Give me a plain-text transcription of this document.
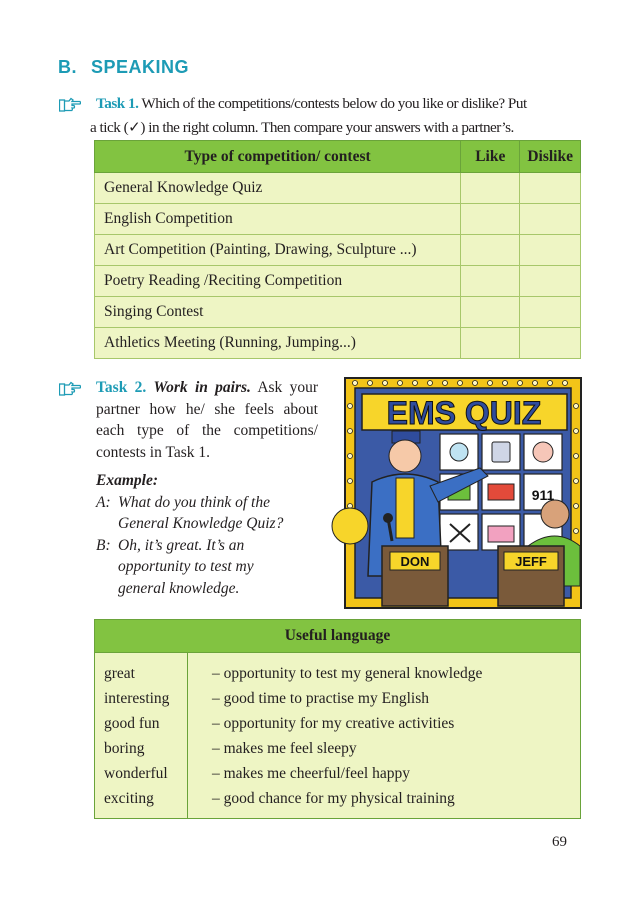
B. SPEAKING
Task 1. Which of the competitions/contests below do you like or dislike? Put
a tick (✓) in the right column. Then compare your answers with a partner’s.
Type of competition/ contest	Like	Dislike
General Knowledge Quiz		
English Competition		
Art Competition (Painting, Drawing, Sculpture ...)		
Poetry Reading /Reciting Competition		
Singing Contest		
Athletics Meeting (Running, Jumping...)		
Task 2. Work in pairs. Ask your partner how he/ she feels about each type of the competitions/ contests in Task 1.
Example:
A: What do you think of the
General Knowledge Quiz?
B: Oh, it’s great. It’s an
opportunity to test my
general knowledge.
EMS QUIZ
911
DON	JEFF
Useful language
great	– opportunity to test my general knowledge
interesting	– good time to practise my English
good fun	– opportunity for my creative activities
boring	– makes me feel sleepy
wonderful	– makes me cheerful/feel happy
exciting	– good chance for my physical training
69
